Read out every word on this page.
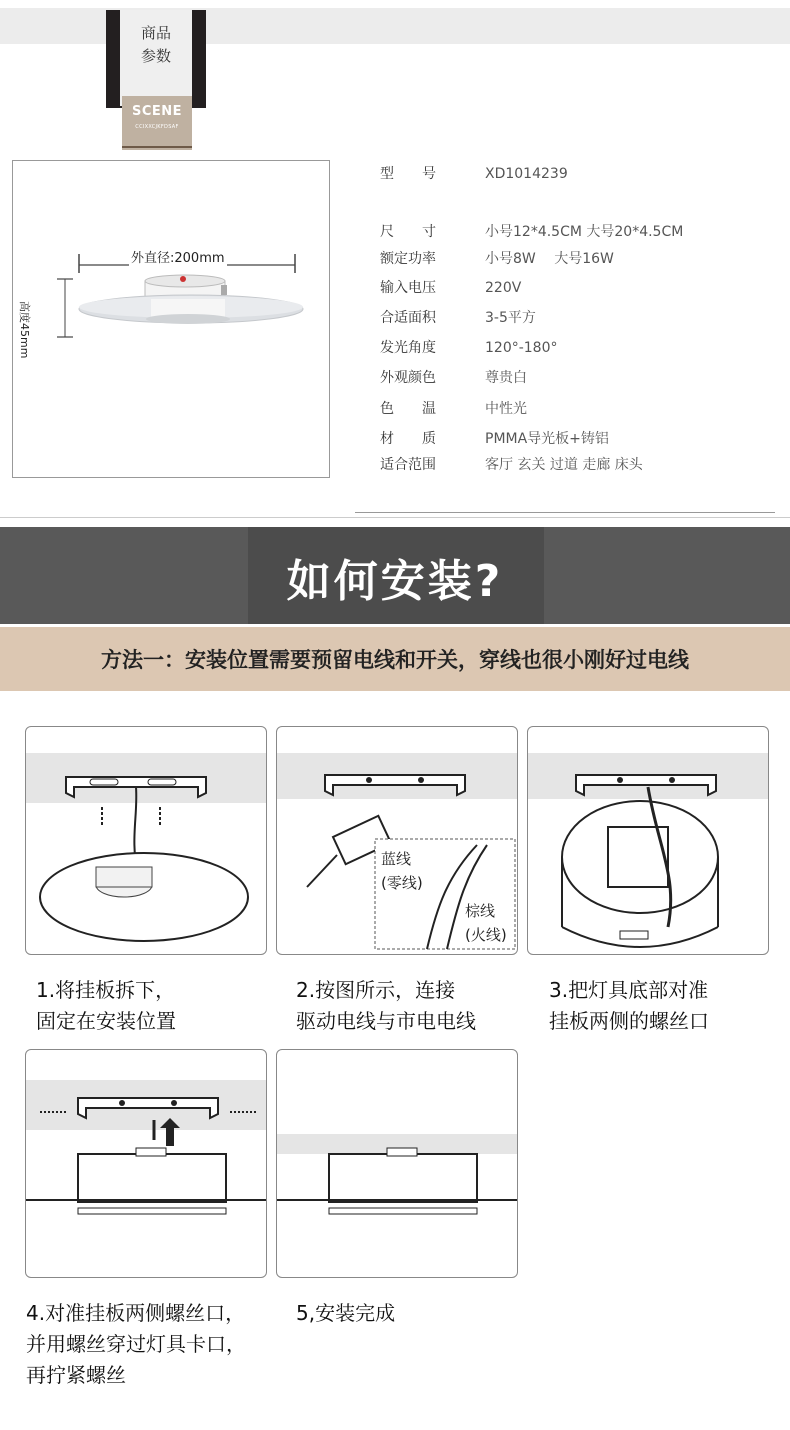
商品
参数
SCENE
CCIXXCJKFDSAF
外直径:200mm
高度45mm
型　　号	XD1014239
尺　　寸	小号12*4.5CM 大号20*4.5CM
额定功率	小号8W　 大号16W
输入电压	220V
合适面积	3-5平方
发光角度	120°-180°
外观颜色	尊贵白
色　　温	中性光
材　　质	PMMA导光板+铸铝
适合范围	客厅 玄关 过道 走廊 床头
如何安装?
方法一：安装位置需要预留电线和开关，穿线也很小刚好过电线
蓝线
(零线)
棕线
(火线)
1.将挂板拆下，
固定在安装位置
2.按图所示，连接
驱动电线与市电电线
3.把灯具底部对准
挂板两侧的螺丝口
4.对准挂板两侧螺丝口，
并用螺丝穿过灯具卡口，
再拧紧螺丝
5,安装完成
